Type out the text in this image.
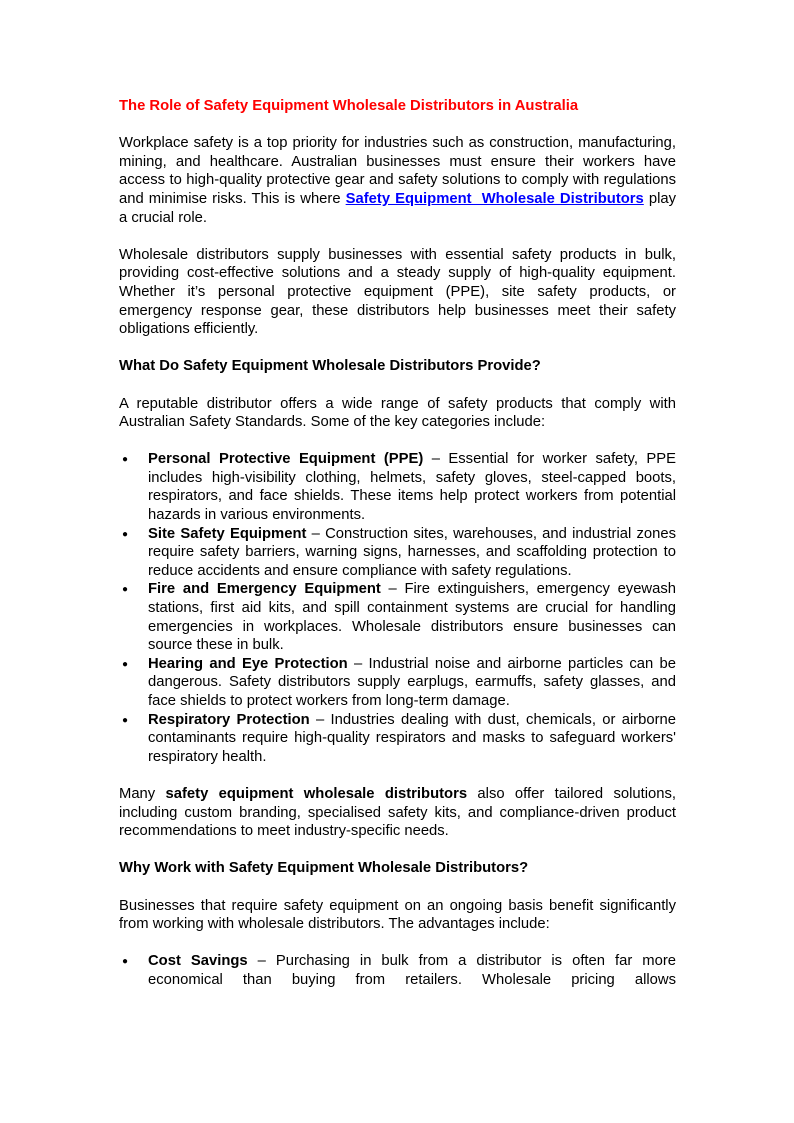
The Role of Safety Equipment Wholesale Distributors in Australia

Workplace safety is a top priority for industries such as construction, manufacturing, mining, and healthcare. Australian businesses must ensure their workers have access to high-quality protective gear and safety solutions to comply with regulations and minimise risks. This is where Safety Equipment  Wholesale Distributors play a crucial role.

Wholesale distributors supply businesses with essential safety products in bulk, providing cost-effective solutions and a steady supply of high-quality equipment. Whether it’s personal protective equipment (PPE), site safety products, or emergency response gear, these distributors help businesses meet their safety obligations efficiently.

What Do Safety Equipment Wholesale Distributors Provide?

A reputable distributor offers a wide range of safety products that comply with Australian Safety Standards. Some of the key categories include:

● Personal Protective Equipment (PPE) – Essential for worker safety, PPE includes high-visibility clothing, helmets, safety gloves, steel-capped boots, respirators, and face shields. These items help protect workers from potential hazards in various environments.
● Site Safety Equipment – Construction sites, warehouses, and industrial zones require safety barriers, warning signs, harnesses, and scaffolding protection to reduce accidents and ensure compliance with safety regulations.
● Fire and Emergency Equipment – Fire extinguishers, emergency eyewash stations, first aid kits, and spill containment systems are crucial for handling emergencies in workplaces. Wholesale distributors ensure businesses can source these in bulk.
● Hearing and Eye Protection – Industrial noise and airborne particles can be dangerous. Safety distributors supply earplugs, earmuffs, safety glasses, and face shields to protect workers from long-term damage.
● Respiratory Protection – Industries dealing with dust, chemicals, or airborne contaminants require high-quality respirators and masks to safeguard workers' respiratory health.

Many safety equipment wholesale distributors also offer tailored solutions, including custom branding, specialised safety kits, and compliance-driven product recommendations to meet industry-specific needs.

Why Work with Safety Equipment Wholesale Distributors?

Businesses that require safety equipment on an ongoing basis benefit significantly from working with wholesale distributors. The advantages include:

● Cost Savings – Purchasing in bulk from a distributor is often far more economical than buying from retailers. Wholesale pricing allows
